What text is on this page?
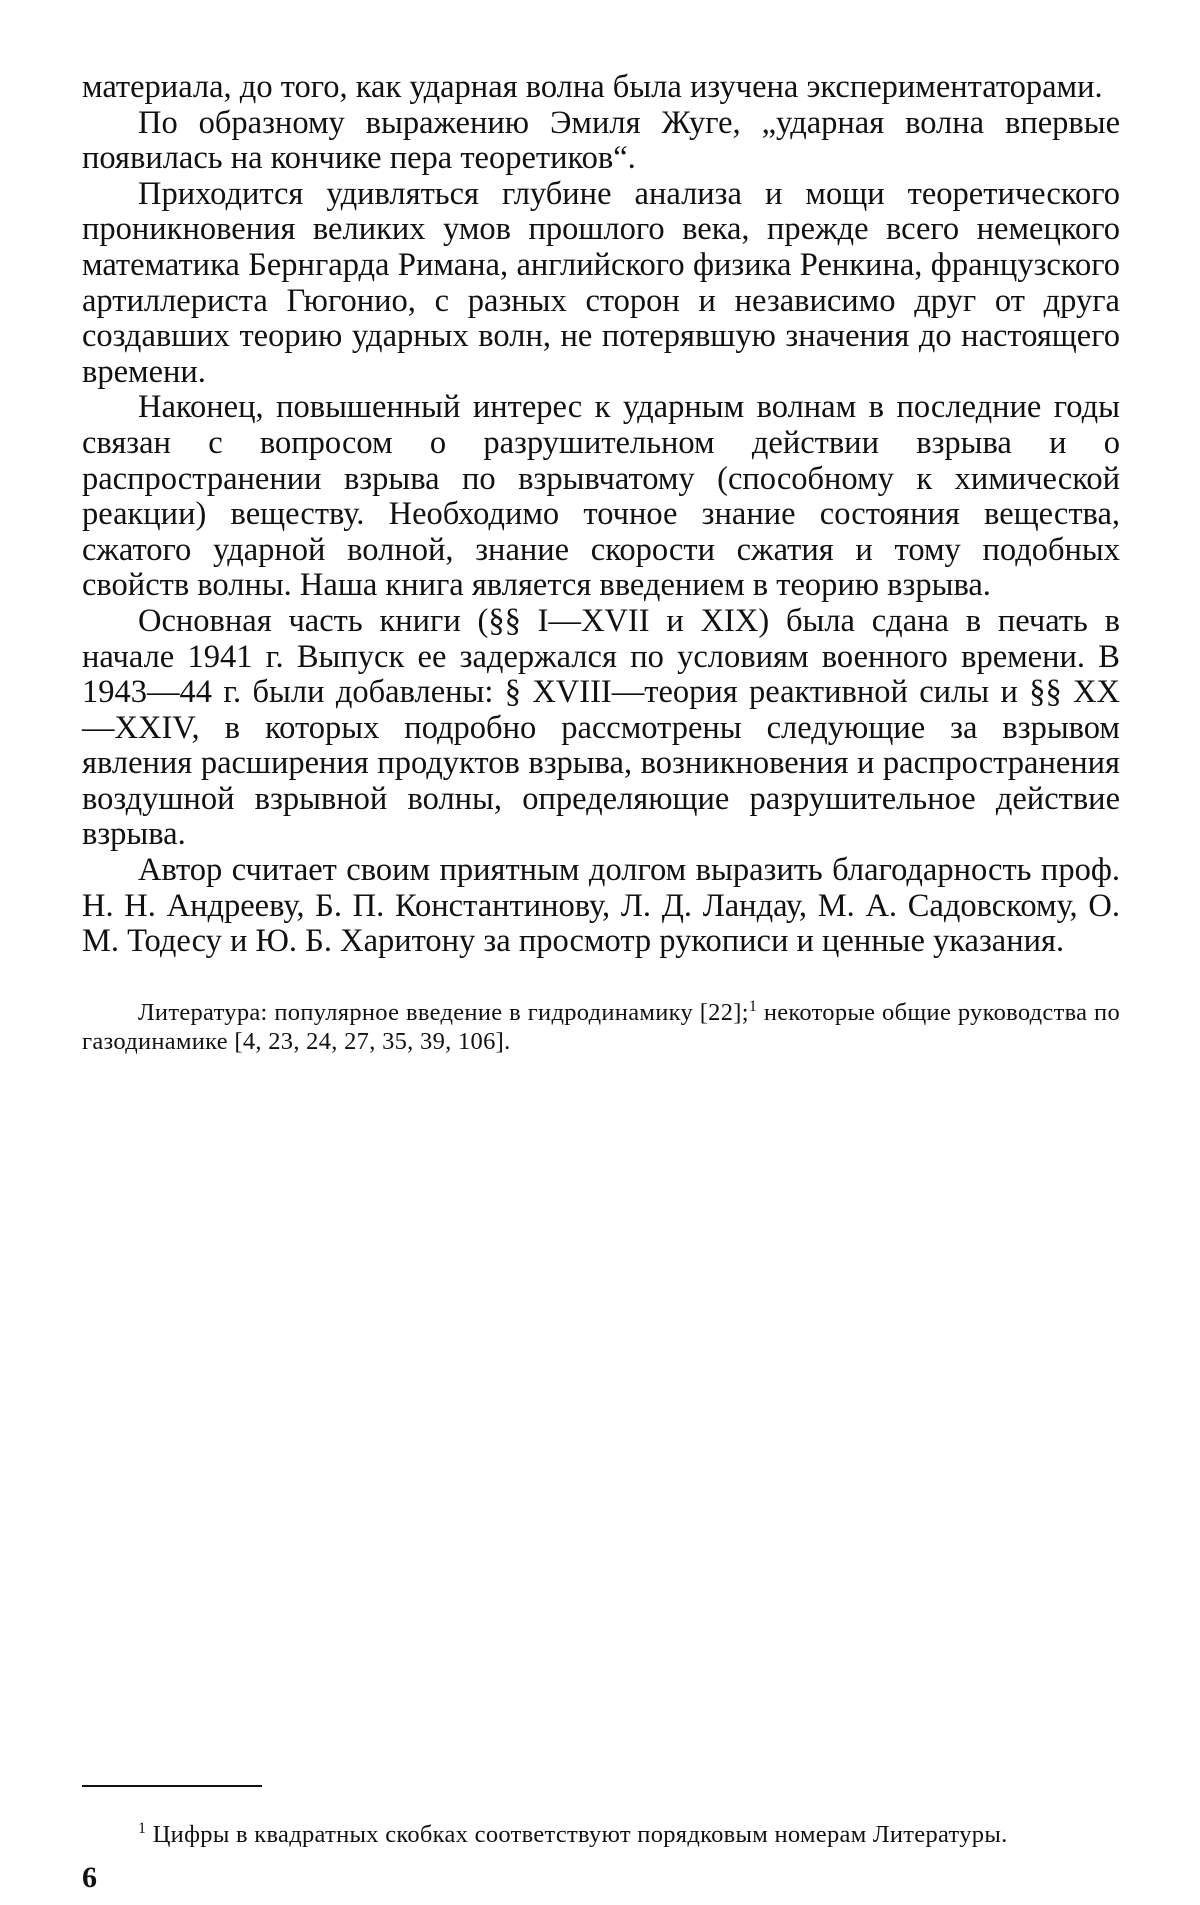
материала, до того, как ударная волна была изучена экспериментаторами.

По образному выражению Эмиля Жуге, „ударная волна впервые появилась на кончике пера теоретиков“.

Приходится удивляться глубине анализа и мощи теоретического проникновения великих умов прошлого века, прежде всего немецкого математика Бернгарда Римана, английского физика Ренкина, французского артиллериста Гюгонио, с разных сторон и независимо друг от друга создавших теорию ударных волн, не потерявшую значения до настоящего времени.

Наконец, повышенный интерес к ударным волнам в последние годы связан с вопросом о разрушительном действии взрыва и о распространении взрыва по взрывчатому (способному к химической реакции) веществу. Необходимо точное знание состояния вещества, сжатого ударной волной, знание скорости сжатия и тому подобных свойств волны. Наша книга является введением в теорию взрыва.

Основная часть книги (§§ I—XVII и XIX) была сдана в печать в начале 1941 г. Выпуск ее задержался по условиям военного времени. В 1943—44 г. были добавлены: § XVIII—теория реактивной силы и §§ XX—XXIV, в которых подробно рассмотрены следующие за взрывом явления расширения продуктов взрыва, возникновения и распространения воздушной взрывной волны, определяющие разрушительное действие взрыва.

Автор считает своим приятным долгом выразить благодарность проф. Н. Н. Андрееву, Б. П. Константинову, Л. Д. Ландау, М. А. Садовскому, О. М. Тодесу и Ю. Б. Харитону за просмотр рукописи и ценные указания.

Литература: популярное введение в гидродинамику [22];$^1$ некоторые общие руководства по газодинамике [4, 23, 24, 27, 35, 39, 106].

$^1$ Цифры в квадратных скобках соответствуют порядковым номерам Литературы.

6
